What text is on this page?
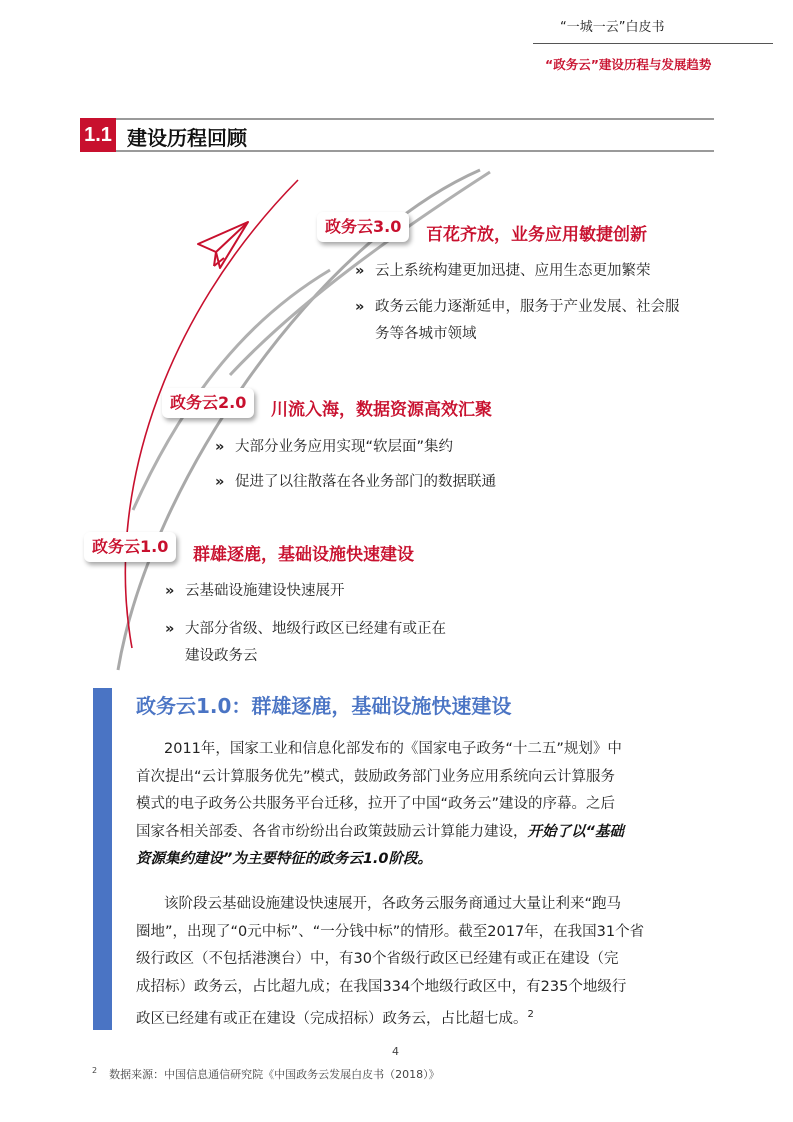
“一城一云”白皮书
“政务云”建设历程与发展趋势
1.1 建设历程回顾
政务云3.0	百花齐放，业务应用敏捷创新
» 云上系统构建更加迅捷、应用生态更加繁荣
» 政务云能力逐渐延申，服务于产业发展、社会服
务等各城市领域
政务云2.0	川流入海，数据资源高效汇聚
» 大部分业务应用实现“软层面”集约
» 促进了以往散落在各业务部门的数据联通
政务云1.0	群雄逐鹿，基础设施快速建设
» 云基础设施建设快速展开
» 大部分省级、地级行政区已经建有或正在
建设政务云
政务云1.0：群雄逐鹿，基础设施快速建设
2011年，国家工业和信息化部发布的《国家电子政务“十二五”规划》中

首次提出“云计算服务优先”模式，鼓励政务部门业务应用系统向云计算服务
模式的电子政务公共服务平台迁移，拉开了中国“政务云”建设的序幕。之后
国家各相关部委、各省市纷纷出台政策鼓励云计算能力建设，开始了以“基础
资源集约建设”为主要特征的政务云1.0阶段。
该阶段云基础设施建设快速展开，各政务云服务商通过大量让利来“跑马
圈地”，出现了“0元中标”、“一分钱中标”的情形。截至2017年，在我国31个省
级行政区（不包括港澳台）中，有30个省级行政区已经建有或正在建设（完
成招标）政务云，占比超九成；在我国334个地级行政区中，有235个地级行
政区已经建有或正在建设（完成招标）政务云，占比超七成。$^2$
4
$^2$ 数据来源：中国信息通信研究院《中国政务云发展白皮书（2018）》
